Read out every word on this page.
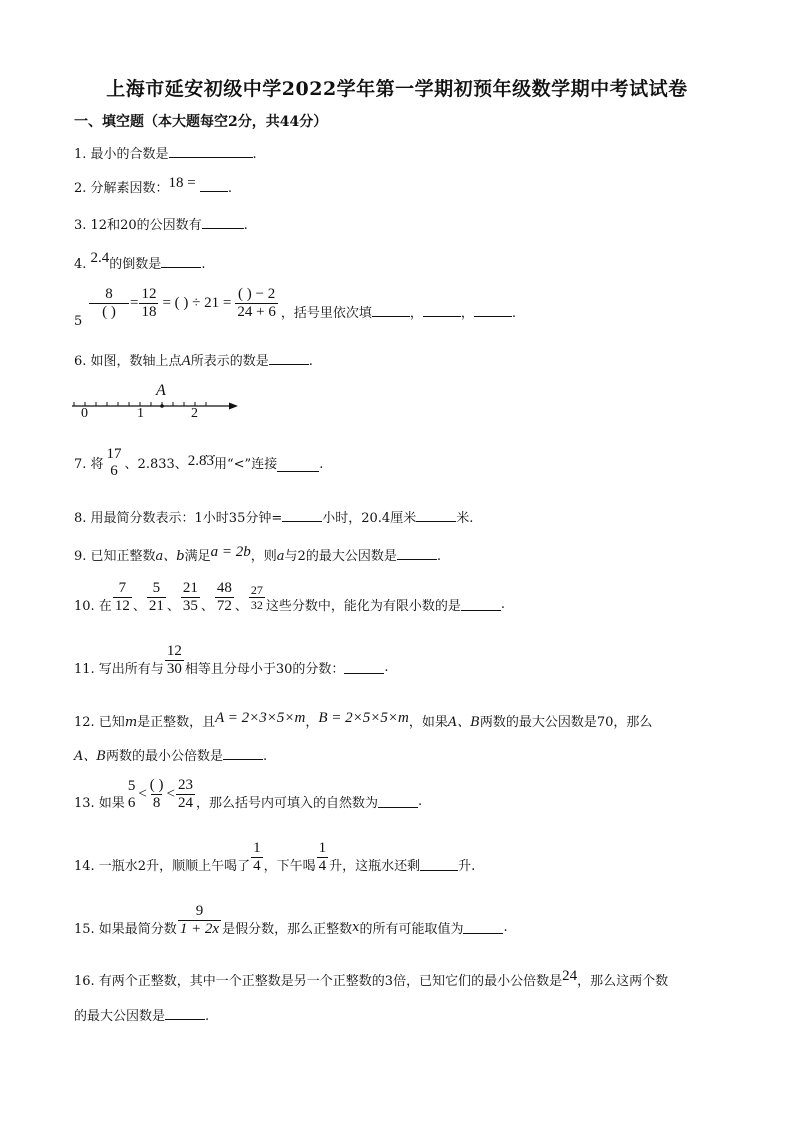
上海市延安初级中学2022学年第一学期初预年级数学期中考试试卷
一、填空题（本大题每空2分，共44分）
1. 最小的合数是	.
2. 分解素因数：18 = .
3. 12和20的公因数有	.
4. 2.4的倒数是	.
5
$\frac{8}{( )} = \frac{12}{18}$ = ( ) ÷ $21 = \frac{( ) - 2}{24 + 6}$ ，括号里依次填	，	，	.
6. 如图，数轴上点A所表示的数是	.
A
0	1	2
7. 将
17
6 、2.833、 2.8̇3̇ 用“<”连接	.
8. 用最简分数表示：1小时35分钟=	小时，20.4厘米	米.
9. 已知正整数a、b满足a = 2b，则a与2的最大公因数是	.
10. 在 $\frac{7}{12}$ 、 $\frac{5}{21}$ 、 $\frac{21}{35}$ 、 $\frac{48}{72}$ 、 $\frac{27}{32}$ 这些分数中，能化为有限小数的是	.
11. 写出所有与 $\frac{12}{30}$ 相等且分母小于30的分数：	.
12. 已知m是正整数，且A = 2×3×5×m，B = 2×5×5×m，如果A、B两数的最大公因数是70，那么
A、B两数的最小公倍数是	.
13. 如果
5
6
< $\frac{( )}{8} < \frac{23}{24}$ ，那么括号内可填入的自然数为	.
14. 一瓶水2升，顺顺上午喝了 $\frac{1}{4}$ ，下午喝 $\frac{1}{4}$ 升，这瓶水还剩	升.
15. 如果最简分数 $\frac{9}{1 + 2x}$ 是假分数，那么正整数 x 的所有可能取值为	.
16. 有两个正整数，其中一个正整数是另一个正整数的3倍，已知它们的最小公倍数是24，那么这两个数
的最大公因数是	.
